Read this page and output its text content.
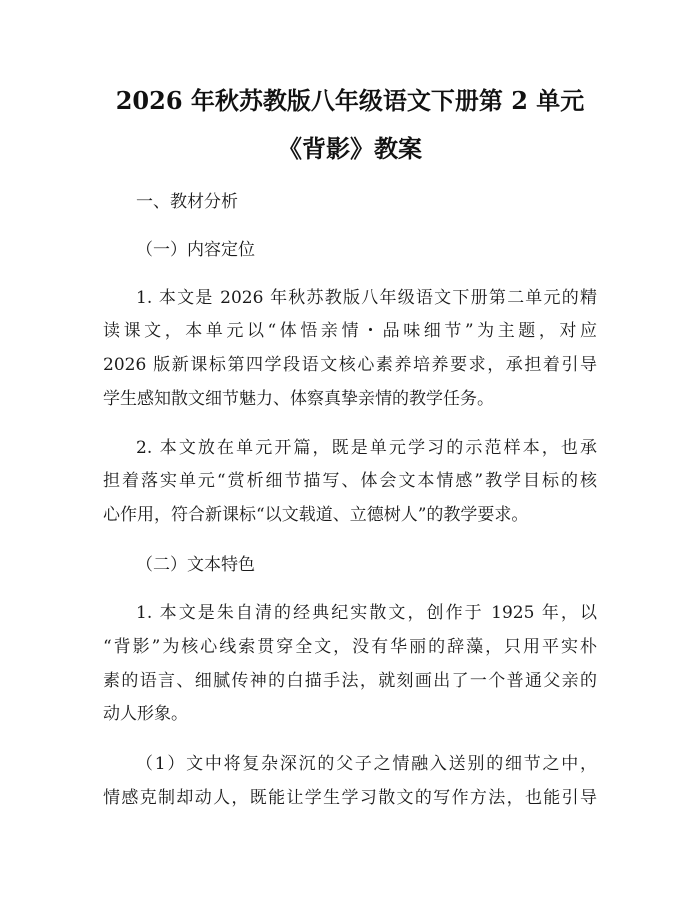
2026 年秋苏教版八年级语文下册第 2 单元
《背影》教案
一、教材分析
（一）内容定位
1. 本文是 2026 年秋苏教版八年级语文下册第二单元的精
读课文，本单元以“体悟亲情・品味细节”为主题，对应
2026 版新课标第四学段语文核心素养培养要求，承担着引导
学生感知散文细节魅力、体察真挚亲情的教学任务。
2. 本文放在单元开篇，既是单元学习的示范样本，也承
担着落实单元“赏析细节描写、体会文本情感”教学目标的核
心作用，符合新课标“以文载道、立德树人”的教学要求。
（二）文本特色
1. 本文是朱自清的经典纪实散文，创作于 1925 年，以
“背影”为核心线索贯穿全文，没有华丽的辞藻，只用平实朴
素的语言、细腻传神的白描手法，就刻画出了一个普通父亲的
动人形象。
（1）文中将复杂深沉的父子之情融入送别的细节之中，
情感克制却动人，既能让学生学习散文的写作方法，也能引导
